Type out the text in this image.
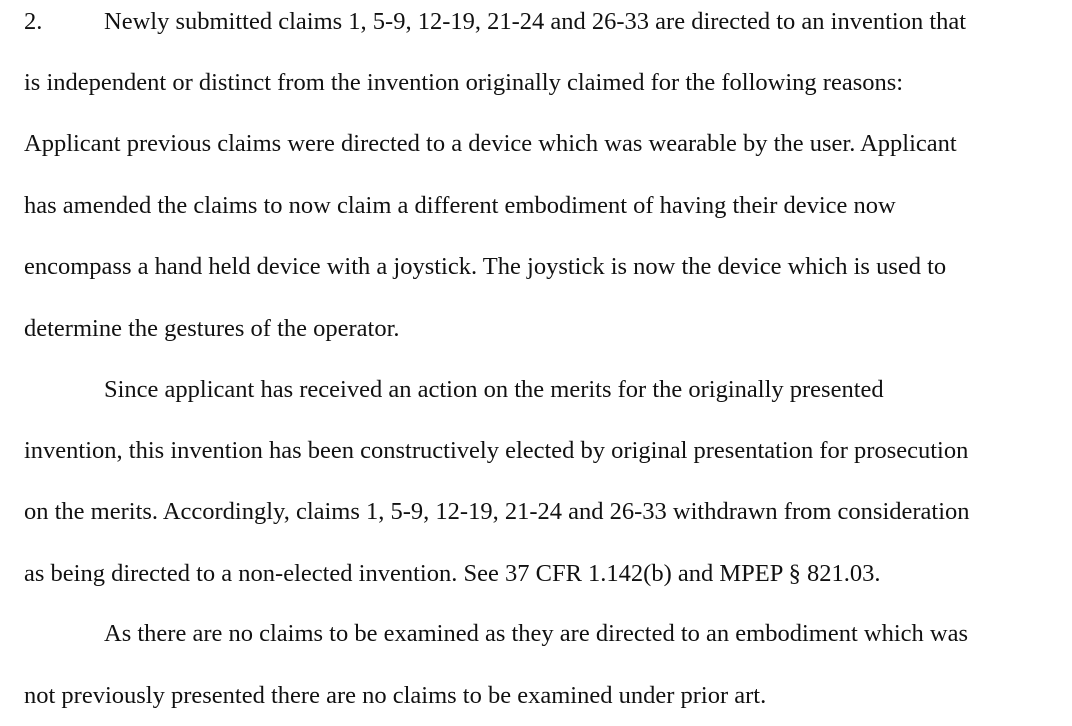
2.	Newly submitted claims 1, 5-9, 12-19, 21-24 and 26-33 are directed to an invention that
is independent or distinct from the invention originally claimed for the following reasons:
Applicant previous claims were directed to a device which was wearable by the user. Applicant
has amended the claims to now claim a different embodiment of having their device now
encompass a hand held device with a joystick. The joystick is now the device which is used to
determine the gestures of the operator.
Since applicant has received an action on the merits for the originally presented
invention, this invention has been constructively elected by original presentation for prosecution
on the merits. Accordingly, claims 1, 5-9, 12-19, 21-24 and 26-33 withdrawn from consideration
as being directed to a non-elected invention. See 37 CFR 1.142(b) and MPEP § 821.03.
As there are no claims to be examined as they are directed to an embodiment which was
not previously presented there are no claims to be examined under prior art.
